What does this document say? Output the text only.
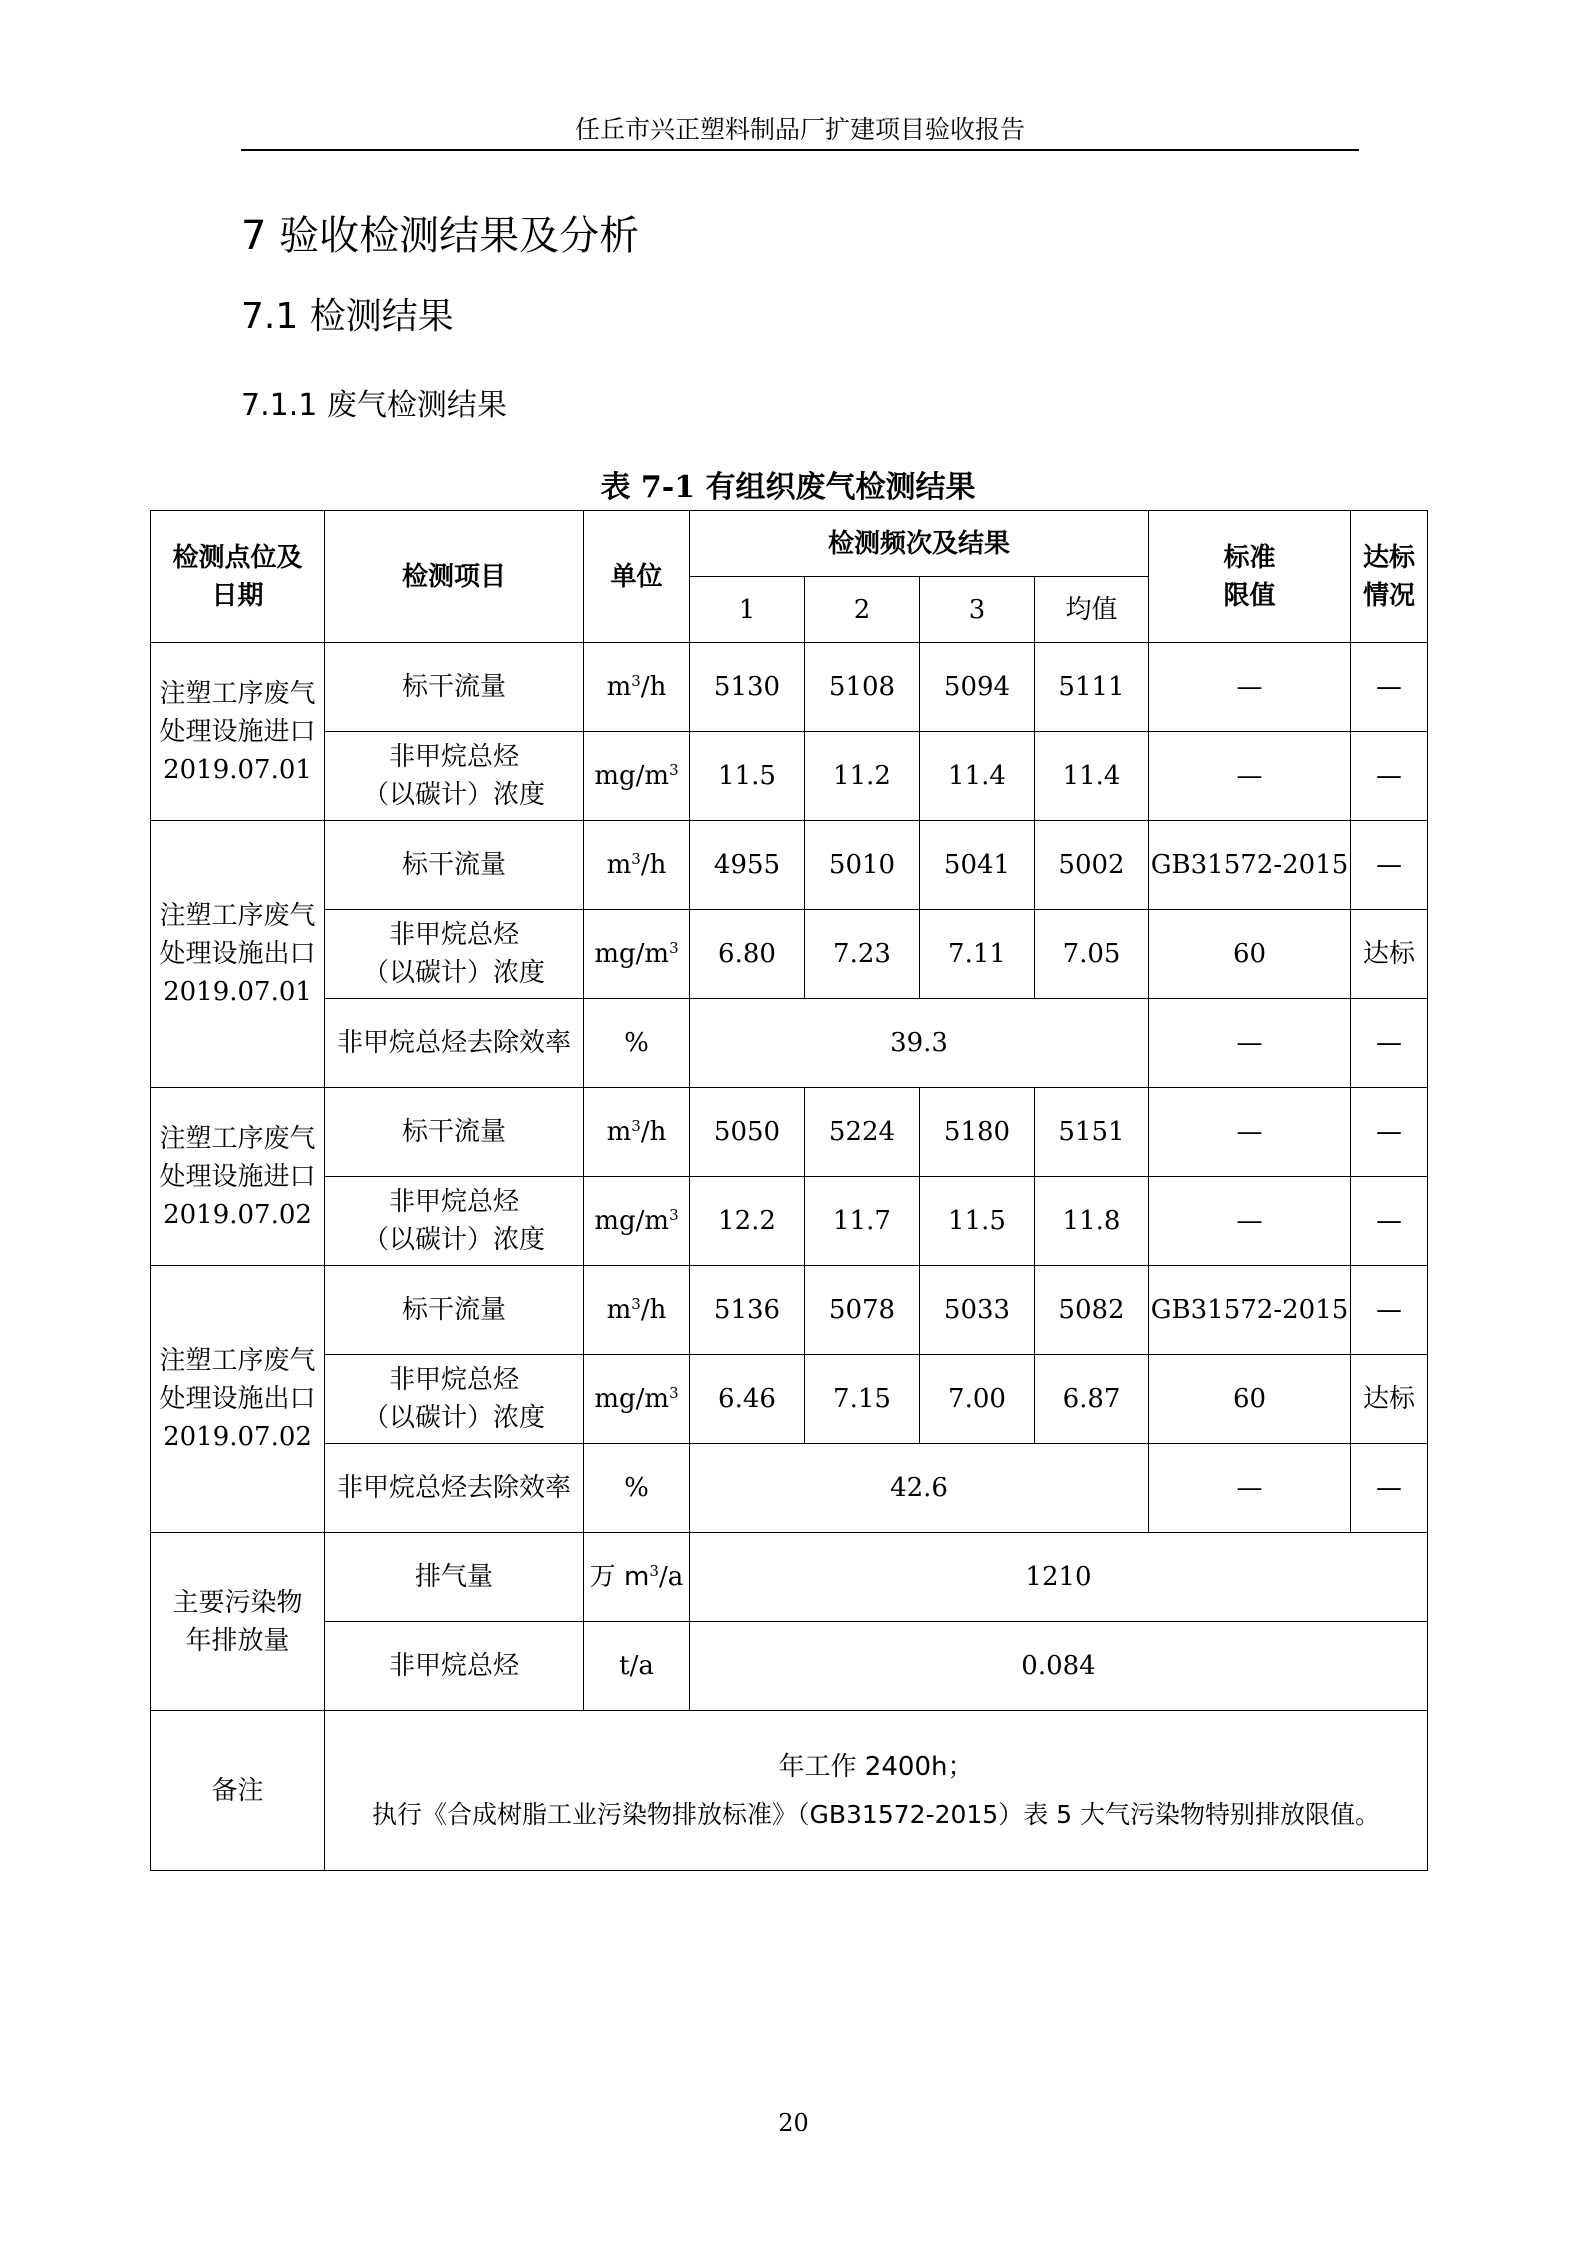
任丘市兴正塑料制品厂扩建项目验收报告
7 验收检测结果及分析
7.1 检测结果
7.1.1 废气检测结果
表 7-1 有组织废气检测结果
检测点位及日期	检测项目	单位	检测频次及结果				标准限值	达标情况

			1	2	3	均值		

注塑工序废气
处理设施进口
2019.07.01	标干流量	$m^3/h$	5130	5108	5094	5111	—	—

	非甲烷总烃
（以碳计）浓度	$mg/m^3$	11.5	11.2	11.4	11.4	—	—

注塑工序废气
处理设施出口
2019.07.01	标干流量	$m^3/h$	4955	5010	5041	5002	GB31572-2015	—

	非甲烷总烃
（以碳计）浓度	$mg/m^3$	6.80	7.23	7.11	7.05	60	达标
	非甲烷总烃去除效率	%	39.3				—	—

注塑工序废气
处理设施进口
2019.07.02	标干流量	$m^3/h$	5050	5224	5180	5151	—	—

	非甲烷总烃
（以碳计）浓度	$mg/m^3$	12.2	11.7	11.5	11.8	—	—

注塑工序废气
处理设施出口
2019.07.02	标干流量	$m^3/h$	5136	5078	5033	5082	GB31572-2015	—

	非甲烷总烃
（以碳计）浓度	$mg/m^3$	6.46	7.15	7.00	6.87	60	达标
	非甲烷总烃去除效率	%	42.6				—	—

主要污染物
年排放量	排气量	万 $m^3/a$	1210					
	非甲烷总烃	t/a	0.084					
备注	年工作 2400h；
执行《合成树脂工业污染物排放标准》（GB31572-2015）表 5 大气污染物特别排放限值。							
20
